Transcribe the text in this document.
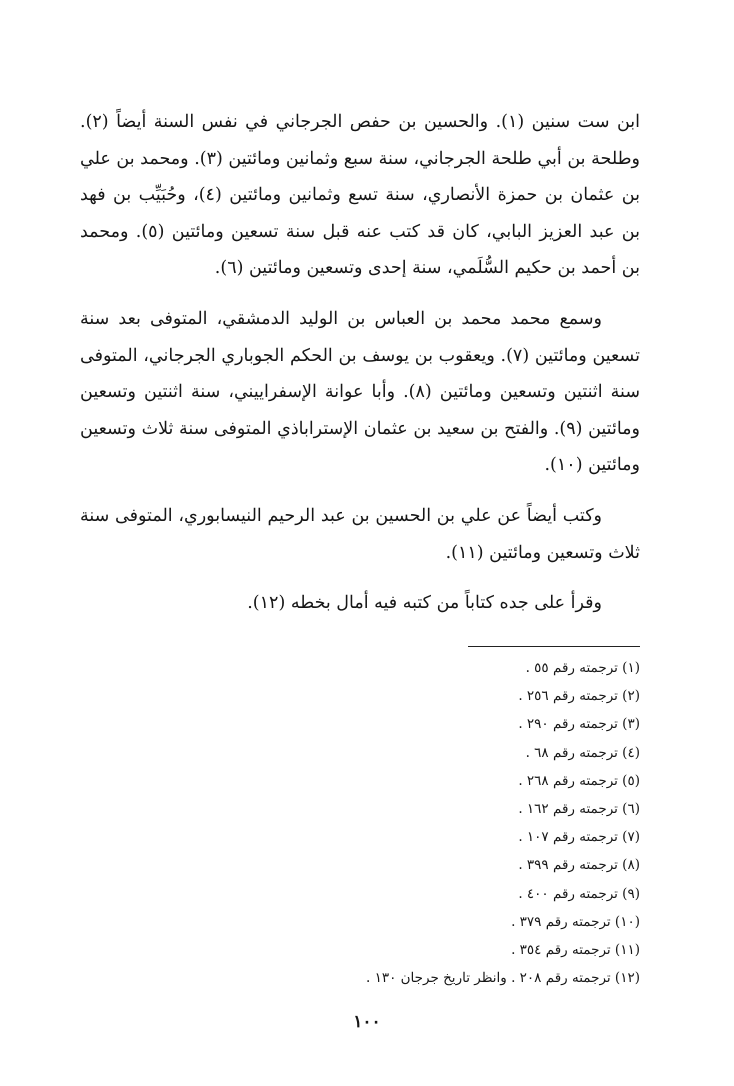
ابن ست سنين (١). والحسين بن حفص الجرجاني في نفس السنة أيضاً (٢). وطلحة بن أبي طلحة الجرجاني، سنة سبع وثمانين ومائتين (٣). ومحمد بن علي بن عثمان بن حمزة الأنصاري، سنة تسع وثمانين ومائتين (٤)، وحُبَيِّب بن فهد بن عبد العزيز البابي، كان قد كتب عنه قبل سنة تسعين ومائتين (٥). ومحمد بن أحمد بن حكيم السُّلَمي، سنة إحدى وتسعين ومائتين (٦).

وسمع محمد محمد بن العباس بن الوليد الدمشقي، المتوفى بعد سنة تسعين ومائتين (٧). ويعقوب بن يوسف بن الحكم الجوباري الجرجاني، المتوفى سنة اثنتين وتسعين ومائتين (٨). وأبا عوانة الإسفراييني، سنة اثنتين وتسعين ومائتين (٩). والفتح بن سعيد بن عثمان الإستراباذي المتوفى سنة ثلاث وتسعين ومائتين (١٠).

وكتب أيضاً عن علي بن الحسين بن عبد الرحيم النيسابوري، المتوفى سنة ثلاث وتسعين ومائتين (١١).

وقرأ على جده كتاباً من كتبه فيه أمال بخطه (١٢).

(١) ترجمته رقم ٥٥ .
(٢) ترجمته رقم ٢٥٦ .
(٣) ترجمته رقم ٢٩٠ .
(٤) ترجمته رقم ٦٨ .
(٥) ترجمته رقم ٢٦٨ .
(٦) ترجمته رقم ١٦٢ .
(٧) ترجمته رقم ١٠٧ .
(٨) ترجمته رقم ٣٩٩ .
(٩) ترجمته رقم ٤٠٠ .
(١٠) ترجمته رقم ٣٧٩ .
(١١) ترجمته رقم ٣٥٤ .
(١٢) ترجمته رقم ٢٠٨ . وانظر تاريخ جرجان ١٣٠ .
١٠٠
